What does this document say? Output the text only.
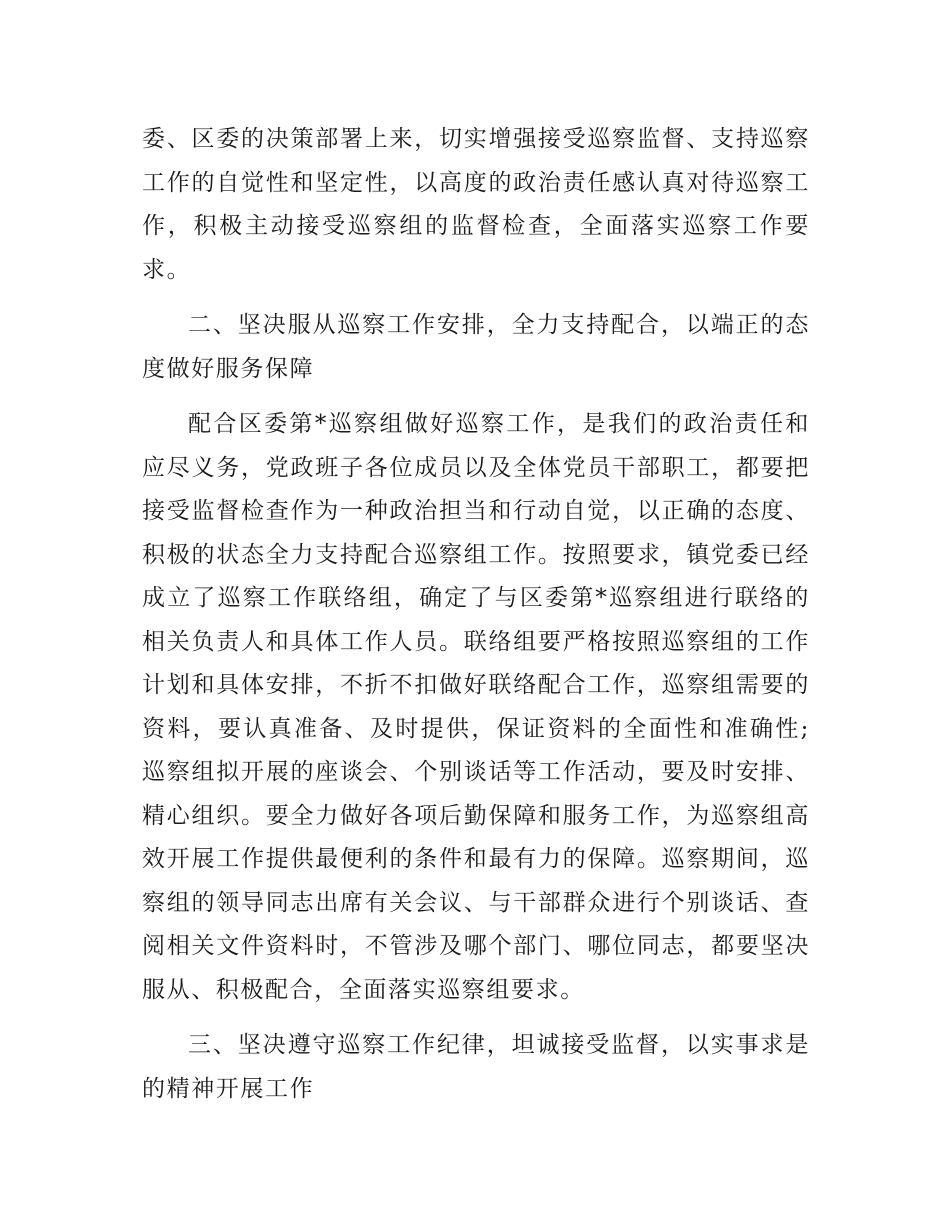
委、区委的决策部署上来，切实增强接受巡察监督、支持巡察工作的自觉性和坚定性，以高度的政治责任感认真对待巡察工作，积极主动接受巡察组的监督检查，全面落实巡察工作要求。

二、坚决服从巡察工作安排，全力支持配合，以端正的态度做好服务保障

配合区委第*巡察组做好巡察工作，是我们的政治责任和应尽义务，党政班子各位成员以及全体党员干部职工，都要把接受监督检查作为一种政治担当和行动自觉，以正确的态度、积极的状态全力支持配合巡察组工作。按照要求，镇党委已经成立了巡察工作联络组，确定了与区委第*巡察组进行联络的相关负责人和具体工作人员。联络组要严格按照巡察组的工作计划和具体安排，不折不扣做好联络配合工作，巡察组需要的资料，要认真准备、及时提供，保证资料的全面性和准确性;巡察组拟开展的座谈会、个别谈话等工作活动，要及时安排、精心组织。要全力做好各项后勤保障和服务工作，为巡察组高效开展工作提供最便利的条件和最有力的保障。巡察期间，巡察组的领导同志出席有关会议、与干部群众进行个别谈话、查阅相关文件资料时，不管涉及哪个部门、哪位同志，都要坚决服从、积极配合，全面落实巡察组要求。

三、坚决遵守巡察工作纪律，坦诚接受监督，以实事求是的精神开展工作
